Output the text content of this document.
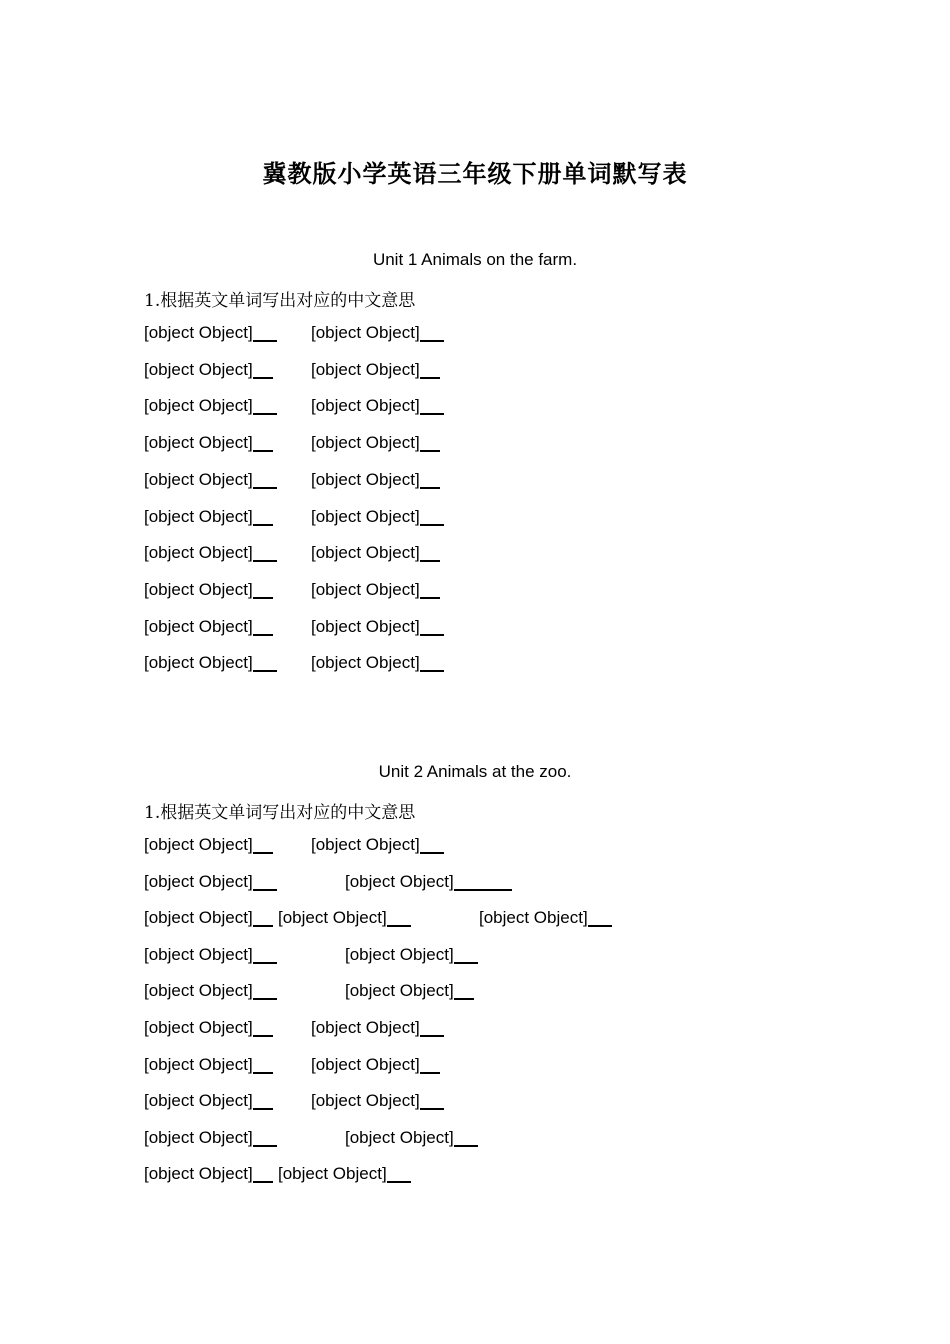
冀教版小学英语三年级下册单词默写表
Unit 1 Animals on the farm.
1.根据英文单词写出对应的中文意思
[object Object]	[object Object]
[object Object]	[object Object]
[object Object]	[object Object]
[object Object]	[object Object]
[object Object]	[object Object]
[object Object]	[object Object]
[object Object]	[object Object]
[object Object]	[object Object]
[object Object]	[object Object]
[object Object]	[object Object]
Unit 2 Animals at the zoo.
1.根据英文单词写出对应的中文意思
[object Object]	[object Object]
[object Object]	[object Object]
[object Object]	[object Object]	[object Object]
[object Object]	[object Object]
[object Object]	[object Object]
[object Object]	[object Object]
[object Object]	[object Object]
[object Object]	[object Object]
[object Object]	[object Object]
[object Object]	[object Object]
